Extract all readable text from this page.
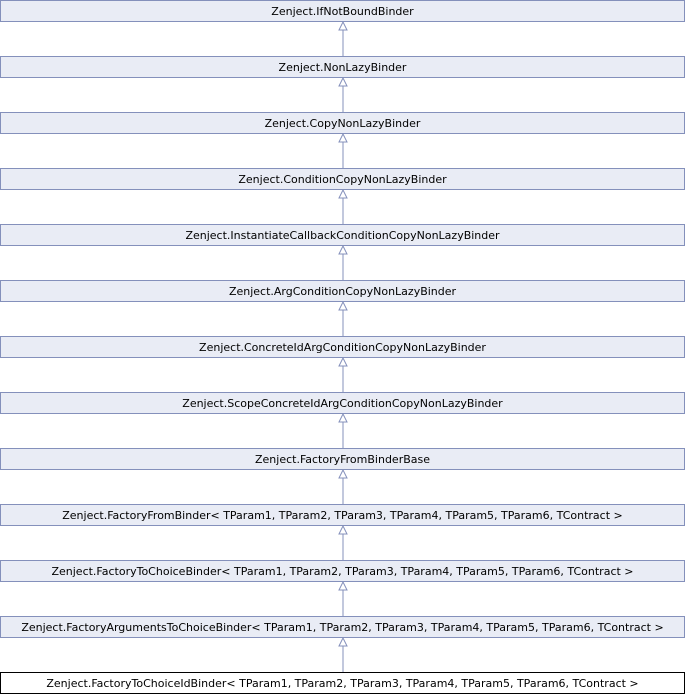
Zenject.IfNotBoundBinder
Zenject.NonLazyBinder
Zenject.CopyNonLazyBinder
Zenject.ConditionCopyNonLazyBinder
Zenject.InstantiateCallbackConditionCopyNonLazyBinder
Zenject.ArgConditionCopyNonLazyBinder
Zenject.ConcreteIdArgConditionCopyNonLazyBinder
Zenject.ScopeConcreteIdArgConditionCopyNonLazyBinder
Zenject.FactoryFromBinderBase
Zenject.FactoryFromBinder< TParam1, TParam2, TParam3, TParam4, TParam5, TParam6, TContract >
Zenject.FactoryToChoiceBinder< TParam1, TParam2, TParam3, TParam4, TParam5, TParam6, TContract >
Zenject.FactoryArgumentsToChoiceBinder< TParam1, TParam2, TParam3, TParam4, TParam5, TParam6, TContract >
Zenject.FactoryToChoiceIdBinder< TParam1, TParam2, TParam3, TParam4, TParam5, TParam6, TContract >
